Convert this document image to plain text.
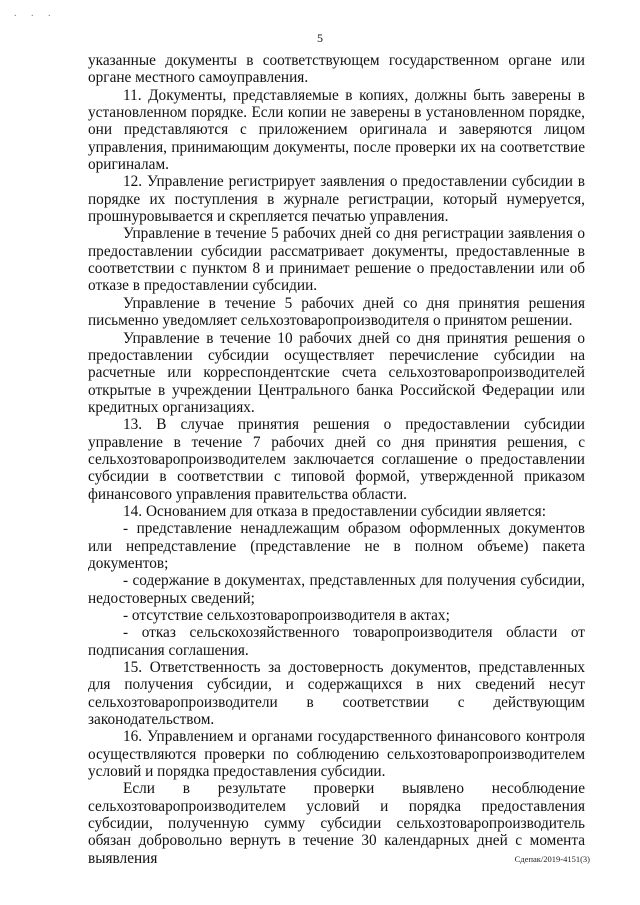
. . .
5

указанные документы в соответствующем государственном органе или органе местного самоуправления.

11. Документы, представляемые в копиях, должны быть заверены в установленном порядке. Если копии не заверены в установленном порядке, они представляются с приложением оригинала и заверяются лицом управления, принимающим документы, после проверки их на соответствие оригиналам.

12. Управление регистрирует заявления о предоставлении субсидии в порядке их поступления в журнале регистрации, который нумеруется, прошнуровывается и скрепляется печатью управления.

Управление в течение 5 рабочих дней со дня регистрации заявления о предоставлении субсидии рассматривает документы, предоставленные в соответствии с пунктом 8 и принимает решение о предоставлении или об отказе в предоставлении субсидии.

Управление в течение 5 рабочих дней со дня принятия решения письменно уведомляет сельхозтоваропроизводителя о принятом решении.

Управление в течение 10 рабочих дней со дня принятия решения о предоставлении субсидии осуществляет перечисление субсидии на расчетные или корреспондентские счета сельхозтоваропроизводителей открытые в учреждении Центрального банка Российской Федерации или кредитных организациях.

13. В случае принятия решения о предоставлении субсидии управление в течение 7 рабочих дней со дня принятия решения, с сельхозтоваропроизводителем заключается соглашение о предоставлении субсидии в соответствии с типовой формой, утвержденной приказом финансового управления правительства области.

14. Основанием для отказа в предоставлении субсидии является:

- представление ненадлежащим образом оформленных документов или непредставление (представление не в полном объеме) пакета документов;

- содержание в документах, представленных для получения субсидии, недостоверных сведений;

- отсутствие сельхозтоваропроизводителя в актах;

- отказ сельскохозяйственного товаропроизводителя области от подписания соглашения.

15. Ответственность за достоверность документов, представленных для получения субсидии, и содержащихся в них сведений несут сельхозтоваропроизводители в соответствии с действующим законодательством.

16. Управлением и органами государственного финансового контроля осуществляются проверки по соблюдению сельхозтоваропроизводителем условий и порядка предоставления субсидии.

Если в результате проверки выявлено несоблюдение сельхозтоваропроизводителем условий и порядка предоставления субсидии, полученную сумму субсидии сельхозтоваропроизводитель обязан добровольно вернуть в течение 30 календарных дней с момента выявления	Сдепак/2019-4151(3)
